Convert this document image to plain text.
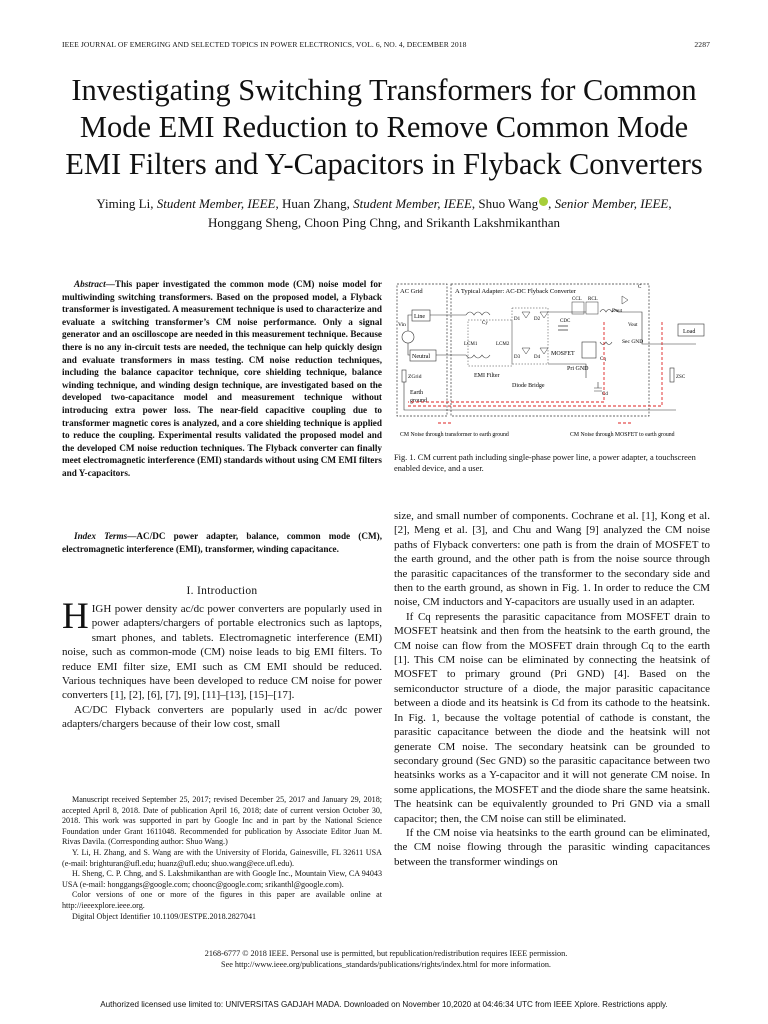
IEEE JOURNAL OF EMERGING AND SELECTED TOPICS IN POWER ELECTRONICS, VOL. 6, NO. 4, DECEMBER 2018	2287
Investigating Switching Transformers for Common
Mode EMI Reduction to Remove Common Mode
EMI Filters and Y-Capacitors in Flyback Converters
Yiming Li, Student Member, IEEE, Huan Zhang, Student Member, IEEE, Shuo Wang , Senior Member, IEEE,
Honggang Sheng, Choon Ping Chng, and Srikanth Lakshmikanthan
Abstract—This paper investigated the common mode (CM) noise model for multiwinding switching transformers. Based on the proposed model, a Flyback transformer is investigated. A measurement technique is used to characterize and evaluate a switching transformer’s CM noise performance. Only a signal generator and an oscilloscope are needed in this measurement technique. Because there is no any in-circuit tests are needed, the technique can help quickly design and evaluate transformers in mass testing. CM noise reduction techniques, including the balance capacitor technique, core shielding technique, balance winding technique, and winding design technique, are investigated based on the developed two-capacitance model and measurement technique without introducing extra power loss. The near-field capacitive coupling due to transformer magnetic cores is analyzed, and a core shielding technique is applied to reduce the coupling. Experimental results validated the proposed model and the developed CM noise reduction techniques. The Flyback converter can finally meet electromagnetic interference (EMI) standards without using CM EMI filters and Y-capacitors.
Index Terms—AC/DC power adapter, balance, common mode (CM), electromagnetic interference (EMI), transformer, winding capacitance.
I. Introduction

HIGH power density ac/dc power converters are popularly used in power adapters/chargers of portable electronics such as laptops, smart phones, and tablets. Electromagnetic interference (EMI) noise, such as common-mode (CM) noise leads to big EMI filters. To reduce EMI filter size, EMI such as CM EMI should be reduced. Various techniques have been developed to reduce CM noise for power converters [1], [2], [6], [7], [9], [11]–[13], [15]–[17].

AC/DC Flyback converters are popularly used in ac/dc power adapters/chargers because of their low cost, small

Manuscript received September 25, 2017; revised December 25, 2017 and January 29, 2018; accepted April 8, 2018. Date of publication April 16, 2018; date of current version October 30, 2018. This work was supported in part by Google Inc and in part by the National Science Foundation under Grant 1611048. Recommended for publication by Associate Editor Juan M. Rivas Davila. (Corresponding author: Shuo Wang.)

Y. Li, H. Zhang, and S. Wang are with the University of Florida, Gainesville, FL 32611 USA (e-mail: brighturan@ufl.edu; huanz@ufl.edu; shuo.wang@ece.ufl.edu).

H. Sheng, C. P. Chng, and S. Lakshmikanthan are with Google Inc., Mountain View, CA 94043 USA (e-mail: honggangs@google.com; choonc@google.com; srikanthl@google.com).

Color versions of one or more of the figures in this paper are available online at http://ieeexplore.ieee.org.

Digital Object Identifier 10.1109/JESTPE.2018.2827041

AC Grid	A Typical Adapter: AC-DC Flyback Converter
Line
Neutral
Vin
ZGrid
Earth
ground
LCM1	LCM2
Cy
EMI Filter
D1	D2
D3	D4
Diode Bridge
CDC
CCL RCL
MOSFET
Pri GND
Cq
Cd
Dout
C
Vout
Sec GND
Load
ZSC
CM Noise through transformer to earth ground	CM Noise through MOSFET to earth ground
Fig. 1. CM current path including single-phase power line, a power adapter, a touchscreen enabled device, and a user.

size, and small number of components. Cochrane et al. [1], Kong et al. [2], Meng et al. [3], and Chu and Wang [9] analyzed the CM noise paths of Flyback converters: one path is from the drain of MOSFET to the earth ground, and the other path is from the noise source through the parasitic capacitances of the transformer to the secondary side and then to the earth ground, as shown in Fig. 1. In order to reduce the CM noise, CM inductors and Y-capacitors are usually used in an adapter.

If Cq represents the parasitic capacitance from MOSFET drain to MOSFET heatsink and then from the heatsink to the earth ground, the CM noise can flow from the MOSFET drain through Cq to the earth [1]. This CM noise can be eliminated by connecting the heatsink of MOSFET to primary ground (Pri GND) [4]. Based on the semiconductor structure of a diode, the major parasitic capacitance between a diode and its heatsink is Cd from its cathode to the heatsink. In Fig. 1, because the voltage potential of cathode is constant, the parasitic capacitance between the diode and the heatsink will not generate CM noise. The secondary heatsink can be grounded to secondary ground (Sec GND) so the parasitic capacitance between two heatsinks works as a Y-capacitor and it will not generate CM noise. In some applications, the MOSFET and the diode share the same heatsink. The heatsink can be equivalently grounded to Pri GND via a small capacitor; then, the CM noise can still be eliminated.

If the CM noise via heatsinks to the earth ground can be eliminated, the CM noise flowing through the parasitic winding capacitances between the transformer windings on

2168-6777 © 2018 IEEE. Personal use is permitted, but republication/redistribution requires IEEE permission.
See http://www.ieee.org/publications_standards/publications/rights/index.html for more information.
Authorized licensed use limited to: UNIVERSITAS GADJAH MADA. Downloaded on November 10,2020 at 04:46:34 UTC from IEEE Xplore. Restrictions apply.
